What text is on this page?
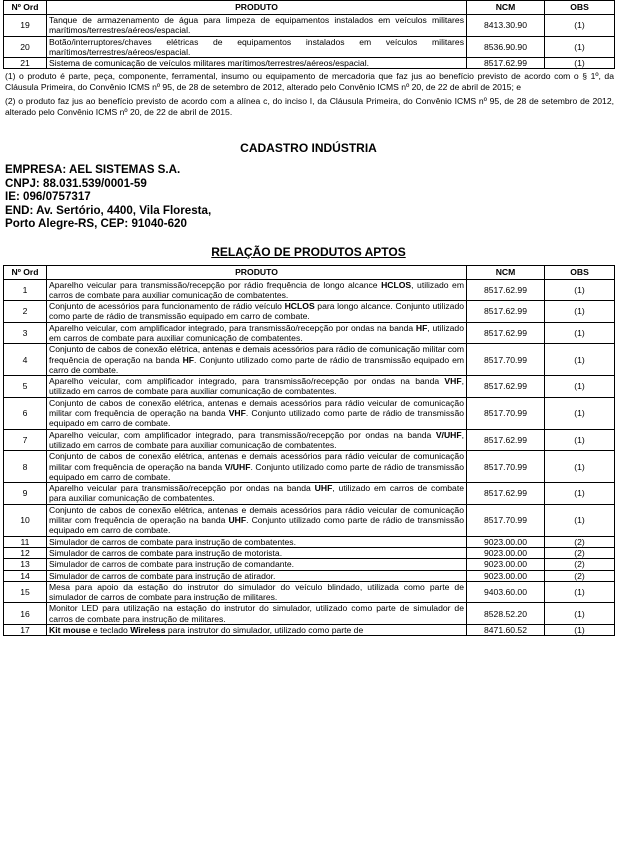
Nº Ord	PRODUTO	NCM	OBS
19	Tanque de armazenamento de água para limpeza de equipamentos instalados em veículos militares marítimos/terrestres/aéreos/espacial.	8413.30.90	(1)
20	Botão/interruptores/chaves elétricas de equipamentos instalados em veículos militares marítimos/terrestres/aéreos/espacial.	8536.90.90	(1)
21	Sistema de comunicação de veículos militares marítimos/terrestres/aéreos/espacial.	8517.62.99	(1)

(1) o produto é parte, peça, componente, ferramental, insumo ou equipamento de mercadoria que faz jus ao benefício previsto de acordo com o § 1º, da Cláusula Primeira, do Convênio ICMS nº 95, de 28 de setembro de 2012, alterado pelo Convênio ICMS nº 20, de 22 de abril de 2015; e

(2) o produto faz jus ao benefício previsto de acordo com a alínea c, do inciso I, da Cláusula Primeira, do Convênio ICMS nº 95, de 28 de setembro de 2012, alterado pelo Convênio ICMS nº 20, de 22 de abril de 2015.

CADASTRO INDÚSTRIA
EMPRESA: AEL SISTEMAS S.A.
CNPJ: 88.031.539/0001-59
IE: 096/0757317
END: Av. Sertório, 4400, Vila Floresta,
Porto Alegre-RS, CEP: 91040-620
RELAÇÃO DE PRODUTOS APTOS
Nº Ord	PRODUTO	NCM	OBS
1	Aparelho veicular para transmissão/recepção por rádio frequência de longo alcance HCLOS, utilizado em carros de combate para auxiliar comunicação de combatentes.	8517.62.99	(1)
2	Conjunto de acessórios para funcionamento de rádio veículo HCLOS para longo alcance. Conjunto utilizado como parte de rádio de transmissão equipado em carro de combate.	8517.62.99	(1)
3	Aparelho veicular, com amplificador integrado, para transmissão/recepção por ondas na banda HF, utilizado em carros de combate para auxiliar comunicação de combatentes.	8517.62.99	(1)
4	Conjunto de cabos de conexão elétrica, antenas e demais acessórios para rádio de comunicação militar com frequência de operação na banda HF. Conjunto utilizado como parte de rádio de transmissão equipado em carro de combate.	8517.70.99	(1)
5	Aparelho veicular, com amplificador integrado, para transmissão/recepção por ondas na banda VHF, utilizado em carros de combate para auxiliar comunicação de combatentes.	8517.62.99	(1)
6	Conjunto de cabos de conexão elétrica, antenas e demais acessórios para rádio veicular de comunicação militar com frequência de operação na banda VHF. Conjunto utilizado como parte de rádio de transmissão equipado em carro de combate.	8517.70.99	(1)
7	Aparelho veicular, com amplificador integrado, para transmissão/recepção por ondas na banda V/UHF, utilizado em carros de combate para auxiliar comunicação de combatentes.	8517.62.99	(1)
8	Conjunto de cabos de conexão elétrica, antenas e demais acessórios para rádio veicular de comunicação militar com frequência de operação na banda V/UHF. Conjunto utilizado como parte de rádio de transmissão equipado em carro de combate.	8517.70.99	(1)
9	Aparelho veicular para transmissão/recepção por ondas na banda UHF, utilizado em carros de combate para auxiliar comunicação de combatentes.	8517.62.99	(1)
10	Conjunto de cabos de conexão elétrica, antenas e demais acessórios para rádio veicular de comunicação militar com frequência de operação na banda UHF. Conjunto utilizado como parte de rádio de transmissão equipado em carro de combate.	8517.70.99	(1)
11	Simulador de carros de combate para instrução de combatentes.	9023.00.00	(2)
12	Simulador de carros de combate para instrução de motorista.	9023.00.00	(2)
13	Simulador de carros de combate para instrução de comandante.	9023.00.00	(2)
14	Simulador de carros de combate para instrução de atirador.	9023.00.00	(2)
15	Mesa para apoio da estação do instrutor do simulador do veículo blindado, utilizada como parte de simulador de carros de combate para instrução de militares.	9403.60.00	(1)
16	Monitor LED para utilização na estação do instrutor do simulador, utilizado como parte de simulador de carros de combate para instrução de militares.	8528.52.20	(1)
17	Kit mouse e teclado Wireless para instrutor do simulador, utilizado como parte de	8471.60.52	(1)
